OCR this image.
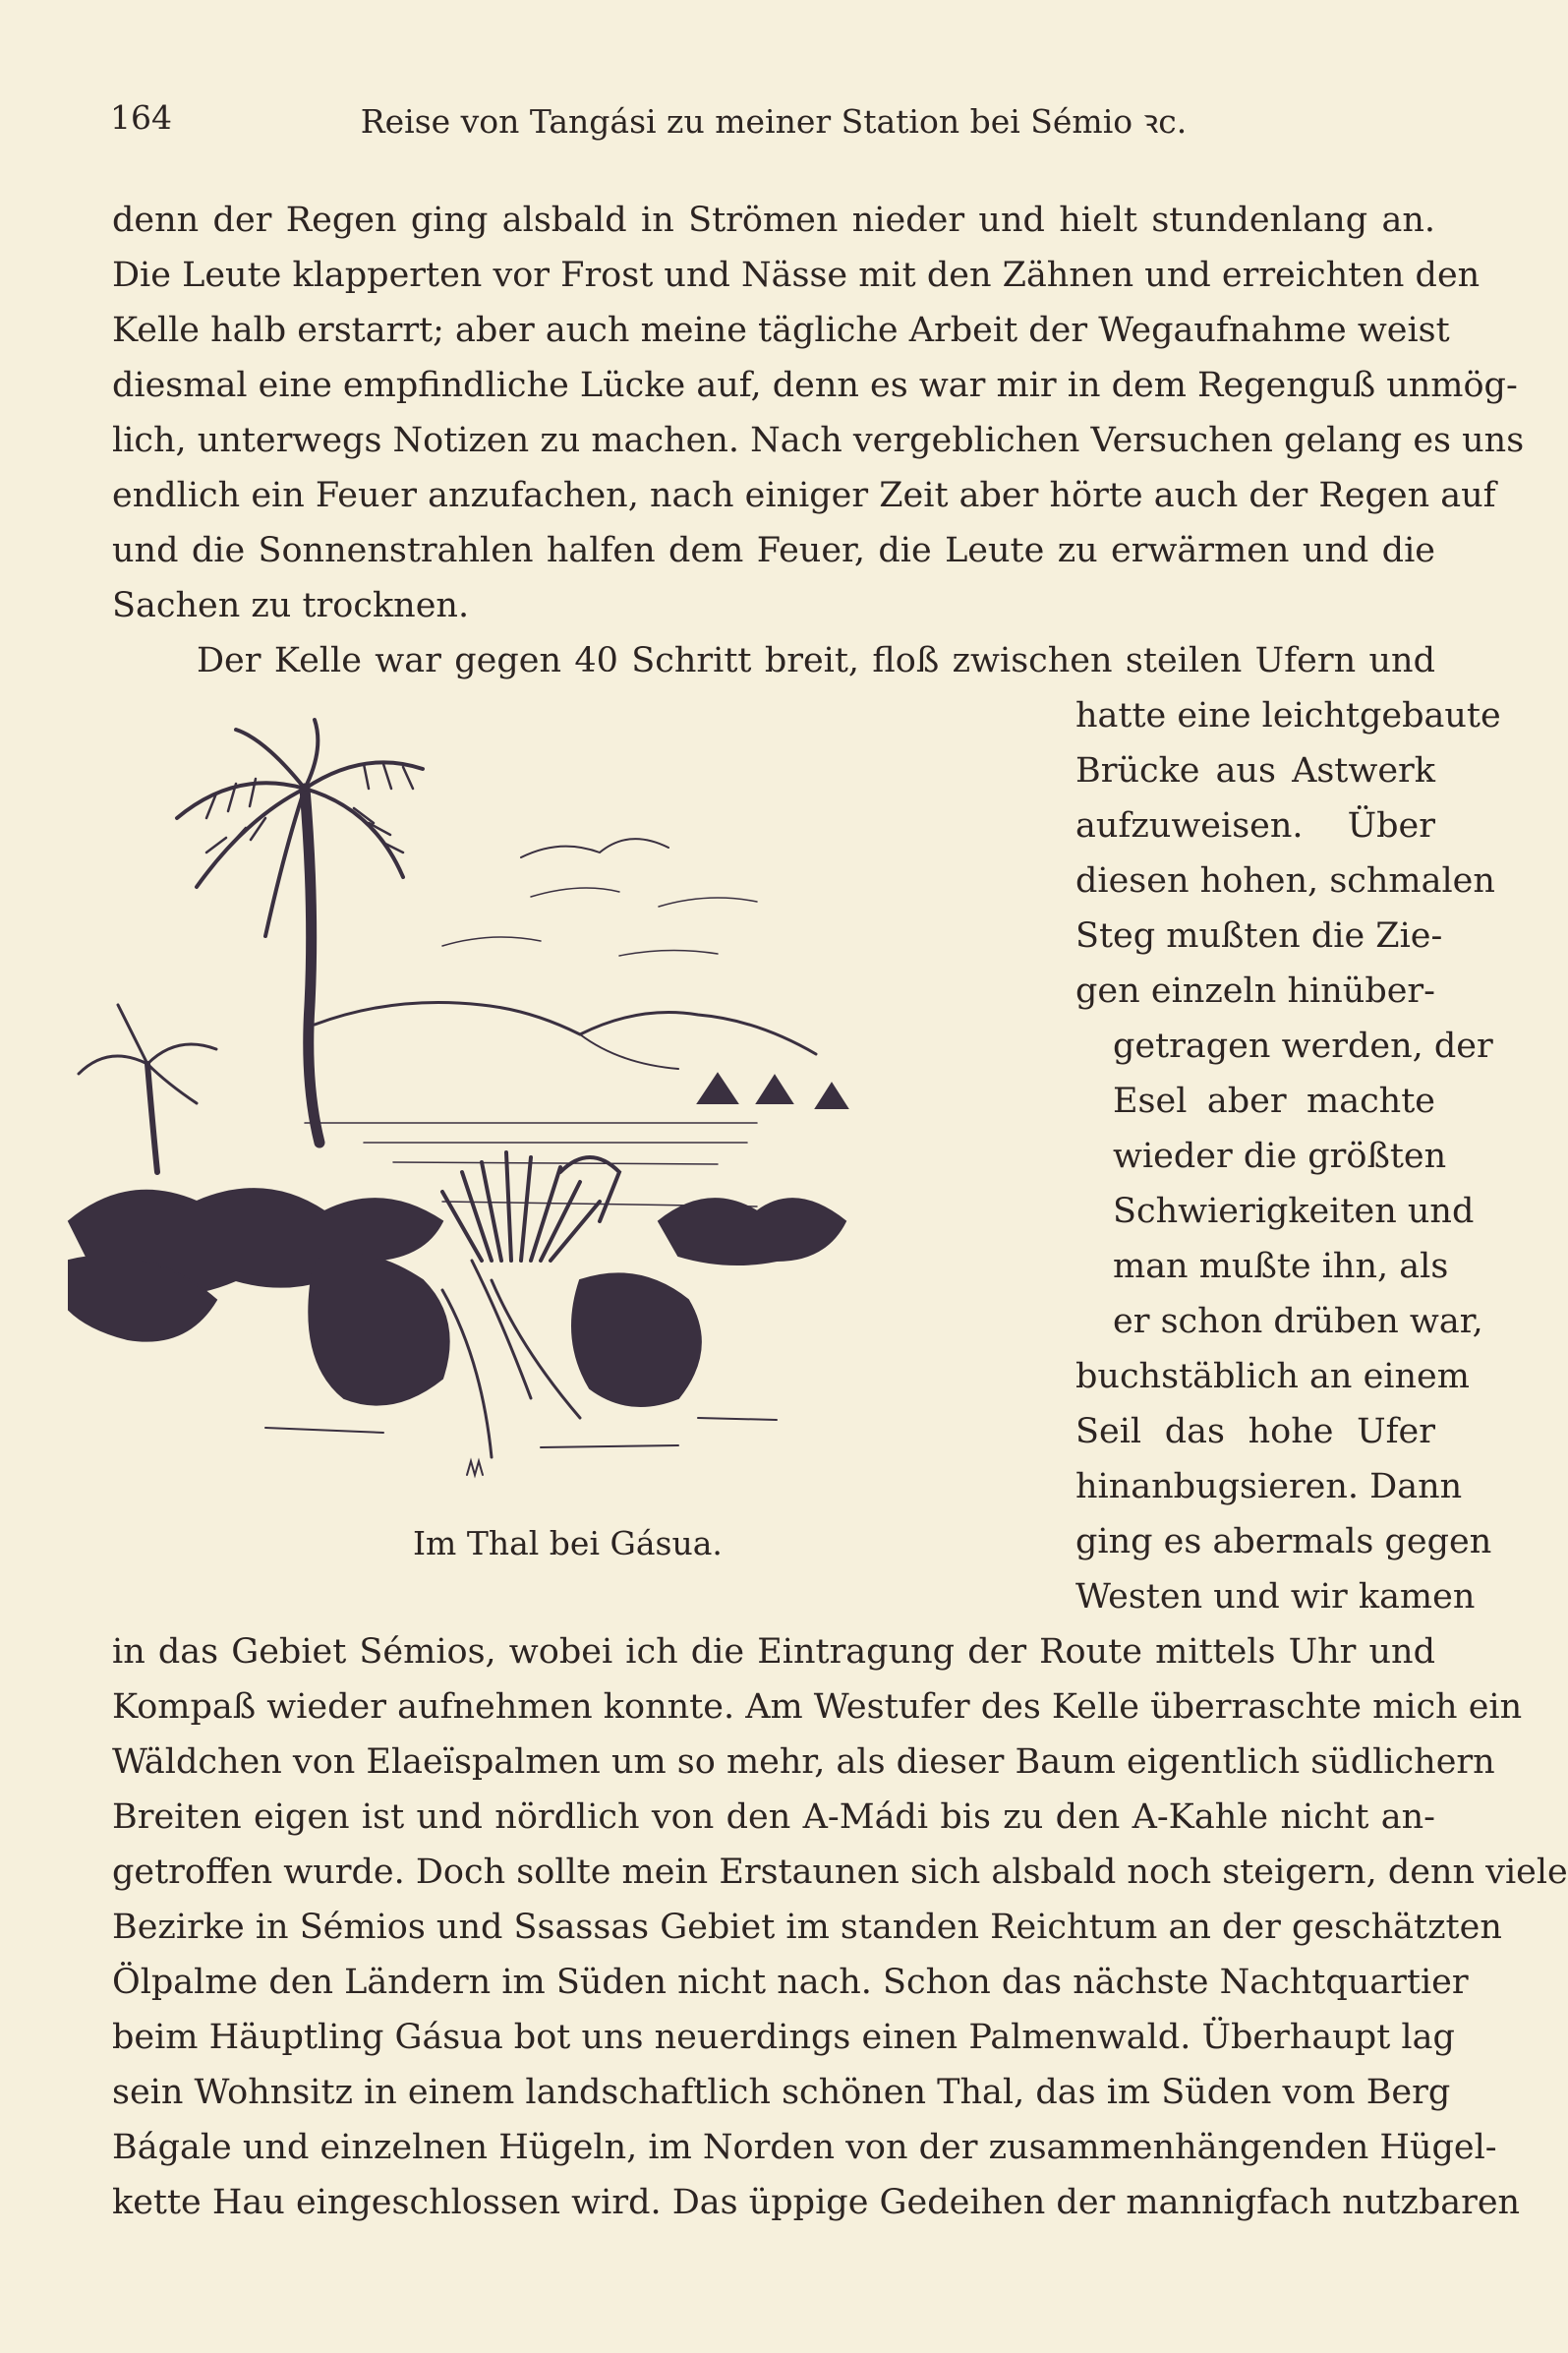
164	Reise von Tangási zu meiner Station bei Sémio ꝛc.
denn der Regen ging alsbald in Strömen nieder und hielt stundenlang an.
Die Leute klapperten vor Frost und Nässe mit den Zähnen und erreichten den
Kelle halb erstarrt; aber auch meine tägliche Arbeit der Wegaufnahme weist
diesmal eine empfindliche Lücke auf, denn es war mir in dem Regenguß unmög-
lich, unterwegs Notizen zu machen. Nach vergeblichen Versuchen gelang es uns
endlich ein Feuer anzufachen, nach einiger Zeit aber hörte auch der Regen auf
und die Sonnenstrahlen halfen dem Feuer, die Leute zu erwärmen und die
Sachen zu trocknen.
Der Kelle war gegen 40 Schritt breit, floß zwischen steilen Ufern und
hatte eine leichtgebaute
Brücke aus Astwerk
aufzuweisen. Über
diesen hohen, schmalen
Steg mußten die Zie-
gen einzeln hinüber-
getragen werden, der
Esel aber machte
wieder die größten
Schwierigkeiten und
man mußte ihn, als
er schon drüben war,
buchstäblich an einem
Seil das hohe Ufer
hinanbugsieren. Dann
ging es abermals gegen
Westen und wir kamen
Im Thal bei Gásua.
in das Gebiet Sémios, wobei ich die Eintragung der Route mittels Uhr und
Kompaß wieder aufnehmen konnte. Am Westufer des Kelle überraschte mich ein
Wäldchen von Elaeïspalmen um so mehr, als dieser Baum eigentlich südlichern
Breiten eigen ist und nördlich von den A-Mádi bis zu den A-Kahle nicht an-
getroffen wurde. Doch sollte mein Erstaunen sich alsbald noch steigern, denn viele
Bezirke in Sémios und Ssassas Gebiet im standen Reichtum an der geschätzten
Ölpalme den Ländern im Süden nicht nach. Schon das nächste Nachtquartier
beim Häuptling Gásua bot uns neuerdings einen Palmenwald. Überhaupt lag
sein Wohnsitz in einem landschaftlich schönen Thal, das im Süden vom Berg
Bágale und einzelnen Hügeln, im Norden von der zusammenhängenden Hügel-
kette Hau eingeschlossen wird. Das üppige Gedeihen der mannigfach nutzbaren
